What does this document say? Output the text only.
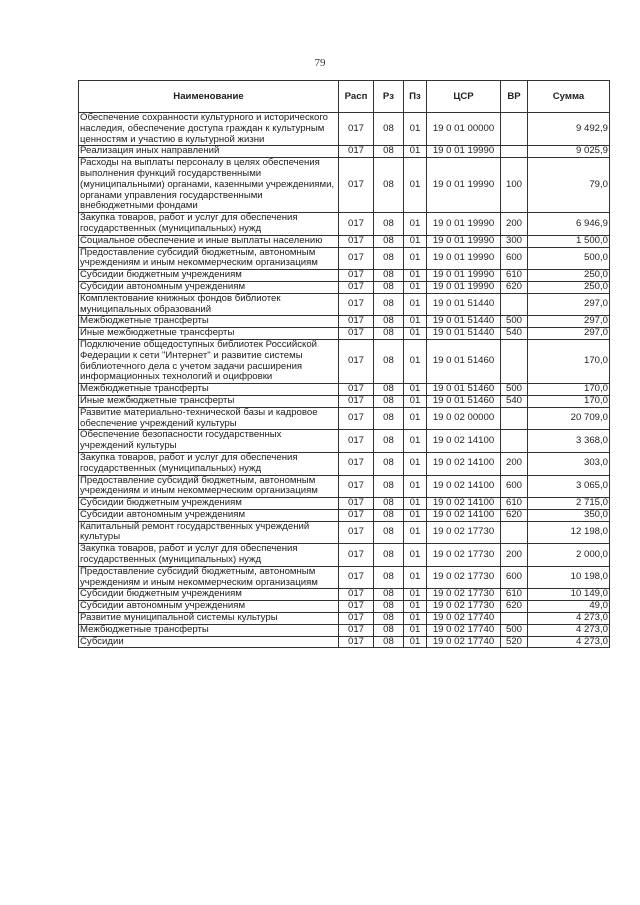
79
Наименование	Расп	Рз	Пз	ЦСР	ВР	Сумма
Обеспечение сохранности культурного и исторического наследия, обеспечение доступа граждан к культурным ценностям и участию в культурной жизни	017	08	01	19 0 01 00000		9 492,9
Реализация иных направлений	017	08	01	19 0 01 19990		9 025,9
Расходы на выплаты персоналу в целях обеспечения выполнения функций государственными (муниципальными) органами, казенными учреждениями, органами управления государственными внебюджетными фондами	017	08	01	19 0 01 19990	100	79,0
Закупка товаров, работ и услуг для обеспечения государственных (муниципальных) нужд	017	08	01	19 0 01 19990	200	6 946,9
Социальное обеспечение и иные выплаты населению	017	08	01	19 0 01 19990	300	1 500,0
Предоставление субсидий бюджетным, автономным учреждениям и иным некоммерческим организациям	017	08	01	19 0 01 19990	600	500,0
Субсидии бюджетным учреждениям	017	08	01	19 0 01 19990	610	250,0
Субсидии автономным учреждениям	017	08	01	19 0 01 19990	620	250,0
Комплектование книжных фондов библиотек муниципальных образований	017	08	01	19 0 01 51440		297,0
Межбюджетные трансферты	017	08	01	19 0 01 51440	500	297,0
Иные межбюджетные трансферты	017	08	01	19 0 01 51440	540	297,0
Подключение общедоступных библиотек Российской Федерации к сети "Интернет" и развитие системы библиотечного дела с учетом задачи расширения информационных технологий и оцифровки	017	08	01	19 0 01 51460		170,0
Межбюджетные трансферты	017	08	01	19 0 01 51460	500	170,0
Иные межбюджетные трансферты	017	08	01	19 0 01 51460	540	170,0
Развитие материально-технической базы и кадровое обеспечение учреждений культуры	017	08	01	19 0 02 00000		20 709,0
Обеспечение безопасности государственных учреждений культуры	017	08	01	19 0 02 14100		3 368,0
Закупка товаров, работ и услуг для обеспечения государственных (муниципальных) нужд	017	08	01	19 0 02 14100	200	303,0
Предоставление субсидий бюджетным, автономным учреждениям и иным некоммерческим организациям	017	08	01	19 0 02 14100	600	3 065,0
Субсидии бюджетным учреждениям	017	08	01	19 0 02 14100	610	2 715,0
Субсидии автономным учреждениям	017	08	01	19 0 02 14100	620	350,0
Капитальный ремонт государственных учреждений культуры	017	08	01	19 0 02 17730		12 198,0
Закупка товаров, работ и услуг для обеспечения государственных (муниципальных) нужд	017	08	01	19 0 02 17730	200	2 000,0
Предоставление субсидий бюджетным, автономным учреждениям и иным некоммерческим организациям	017	08	01	19 0 02 17730	600	10 198,0
Субсидии бюджетным учреждениям	017	08	01	19 0 02 17730	610	10 149,0
Субсидии автономным учреждениям	017	08	01	19 0 02 17730	620	49,0
Развитие муниципальной системы культуры	017	08	01	19 0 02 17740		4 273,0
Межбюджетные трансферты	017	08	01	19 0 02 17740	500	4 273,0
Субсидии	017	08	01	19 0 02 17740	520	4 273,0
